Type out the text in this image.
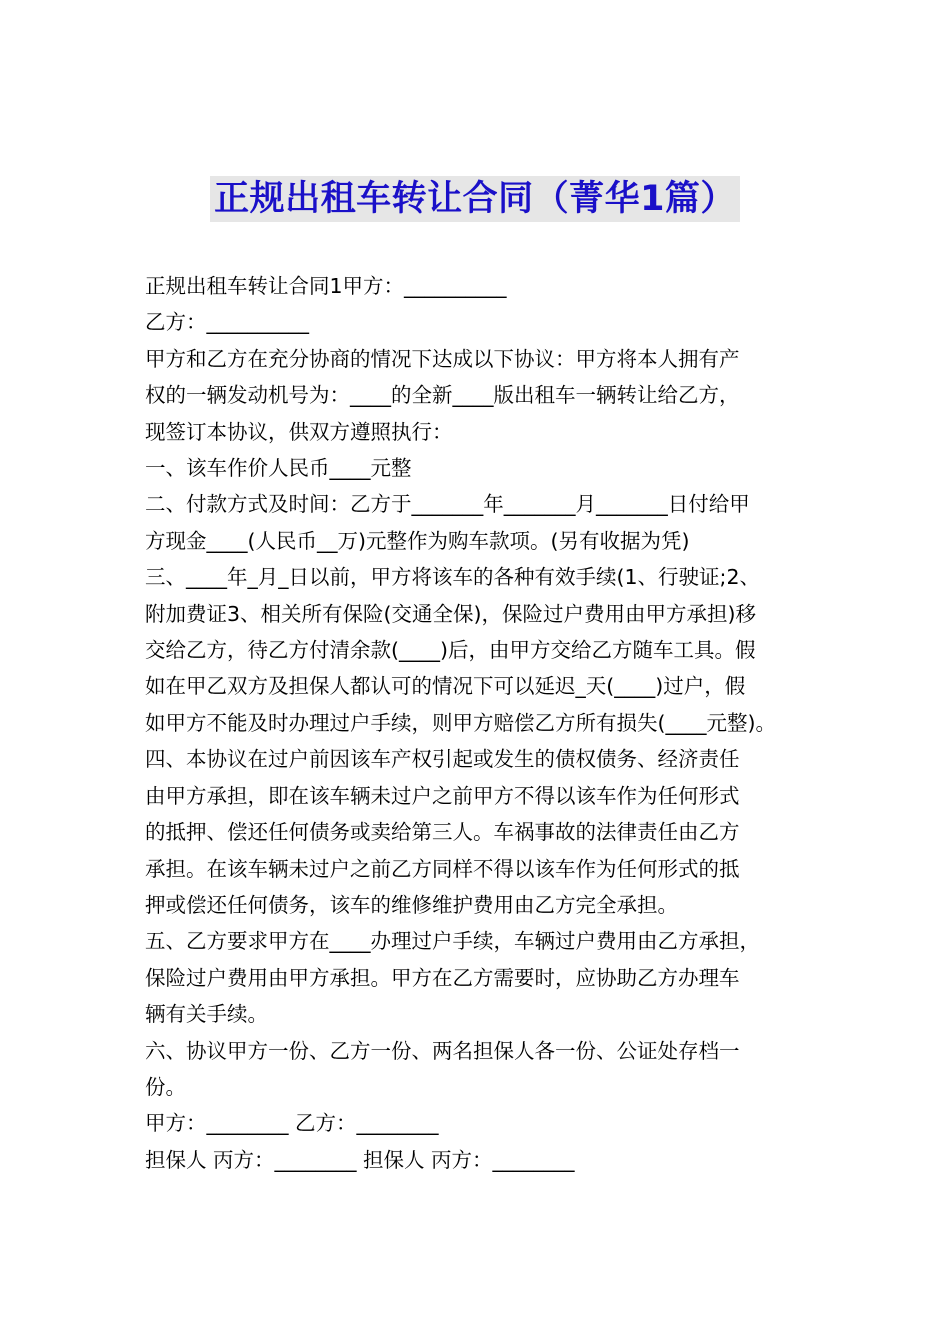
正规出租车转让合同（菁华1篇）
正规出租车转让合同1甲方：__________
乙方：__________
甲方和乙方在充分协商的情况下达成以下协议：甲方将本人拥有产
权的一辆发动机号为：____的全新____版出租车一辆转让给乙方，
现签订本协议，供双方遵照执行：
一、该车作价人民币____元整
二、付款方式及时间：乙方于_______年_______月_______日付给甲
方现金____(人民币__万)元整作为购车款项。(另有收据为凭)
三、____年_月_日以前，甲方将该车的各种有效手续(1、行驶证;2、
附加费证3、相关所有保险(交通全保)，保险过户费用由甲方承担)移
交给乙方，待乙方付清余款(____)后，由甲方交给乙方随车工具。假
如在甲乙双方及担保人都认可的情况下可以延迟_天(____)过户，假
如甲方不能及时办理过户手续，则甲方赔偿乙方所有损失(____元整)。
四、本协议在过户前因该车产权引起或发生的债权债务、经济责任
由甲方承担，即在该车辆未过户之前甲方不得以该车作为任何形式
的抵押、偿还任何债务或卖给第三人。车祸事故的法律责任由乙方
承担。在该车辆未过户之前乙方同样不得以该车作为任何形式的抵
押或偿还任何债务，该车的维修维护费用由乙方完全承担。
五、乙方要求甲方在____办理过户手续，车辆过户费用由乙方承担，
保险过户费用由甲方承担。甲方在乙方需要时，应协助乙方办理车
辆有关手续。
六、协议甲方一份、乙方一份、两名担保人各一份、公证处存档一
份。
甲方：________ 乙方：________
担保人 丙方：________ 担保人 丙方：________
